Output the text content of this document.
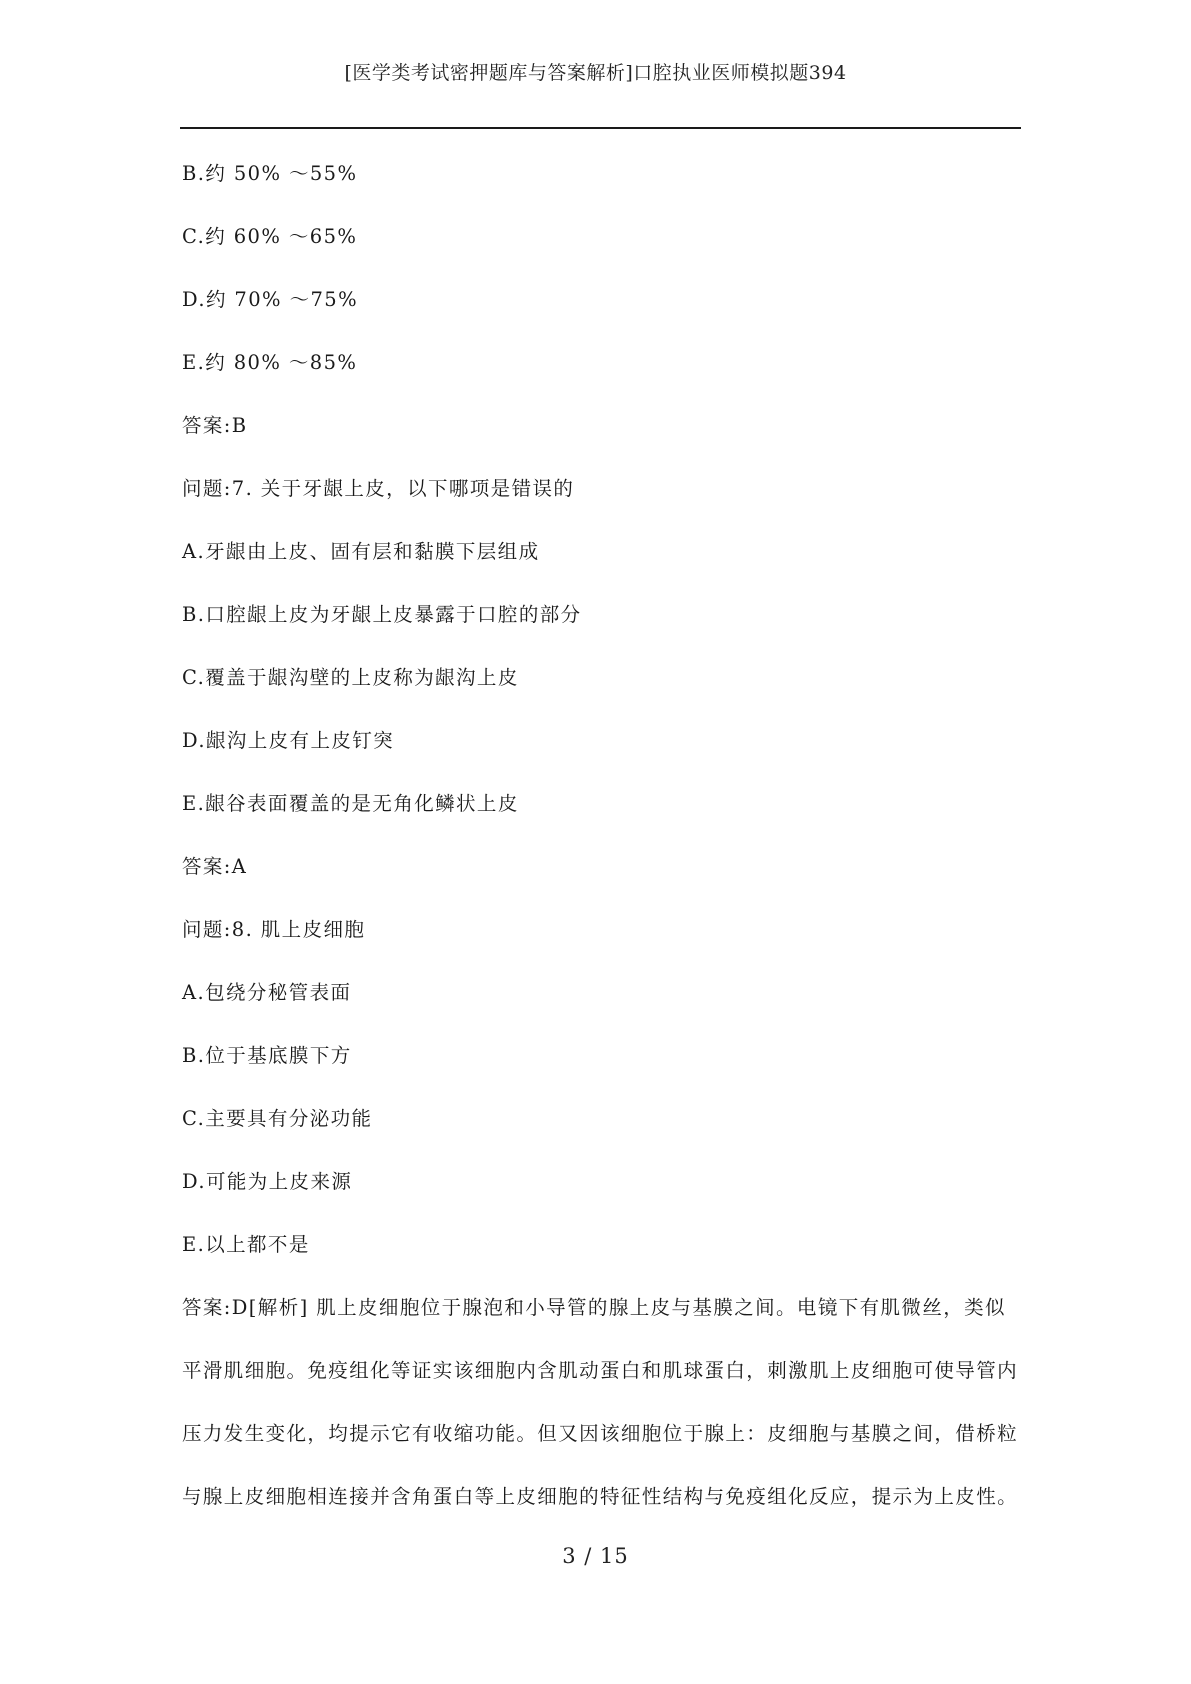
[医学类考试密押题库与答案解析]口腔执业医师模拟题394
B.约 50% ～55%
C.约 60% ～65%
D.约 70% ～75%
E.约 80% ～85%
答案:B
问题:7. 关于牙龈上皮，以下哪项是错误的
A.牙龈由上皮、固有层和黏膜下层组成
B.口腔龈上皮为牙龈上皮暴露于口腔的部分
C.覆盖于龈沟壁的上皮称为龈沟上皮
D.龈沟上皮有上皮钉突
E.龈谷表面覆盖的是无角化鳞状上皮
答案:A
问题:8. 肌上皮细胞
A.包绕分秘管表面
B.位于基底膜下方
C.主要具有分泌功能
D.可能为上皮来源
E.以上都不是
答案:D[解析] 肌上皮细胞位于腺泡和小导管的腺上皮与基膜之间。电镜下有肌微丝，类似
平滑肌细胞。免疫组化等证实该细胞内含肌动蛋白和肌球蛋白，刺激肌上皮细胞可使导管内
压力发生变化，均提示它有收缩功能。但又因该细胞位于腺上：皮细胞与基膜之间，借桥粒
与腺上皮细胞相连接并含角蛋白等上皮细胞的特征性结构与免疫组化反应，提示为上皮性。
3 / 15
